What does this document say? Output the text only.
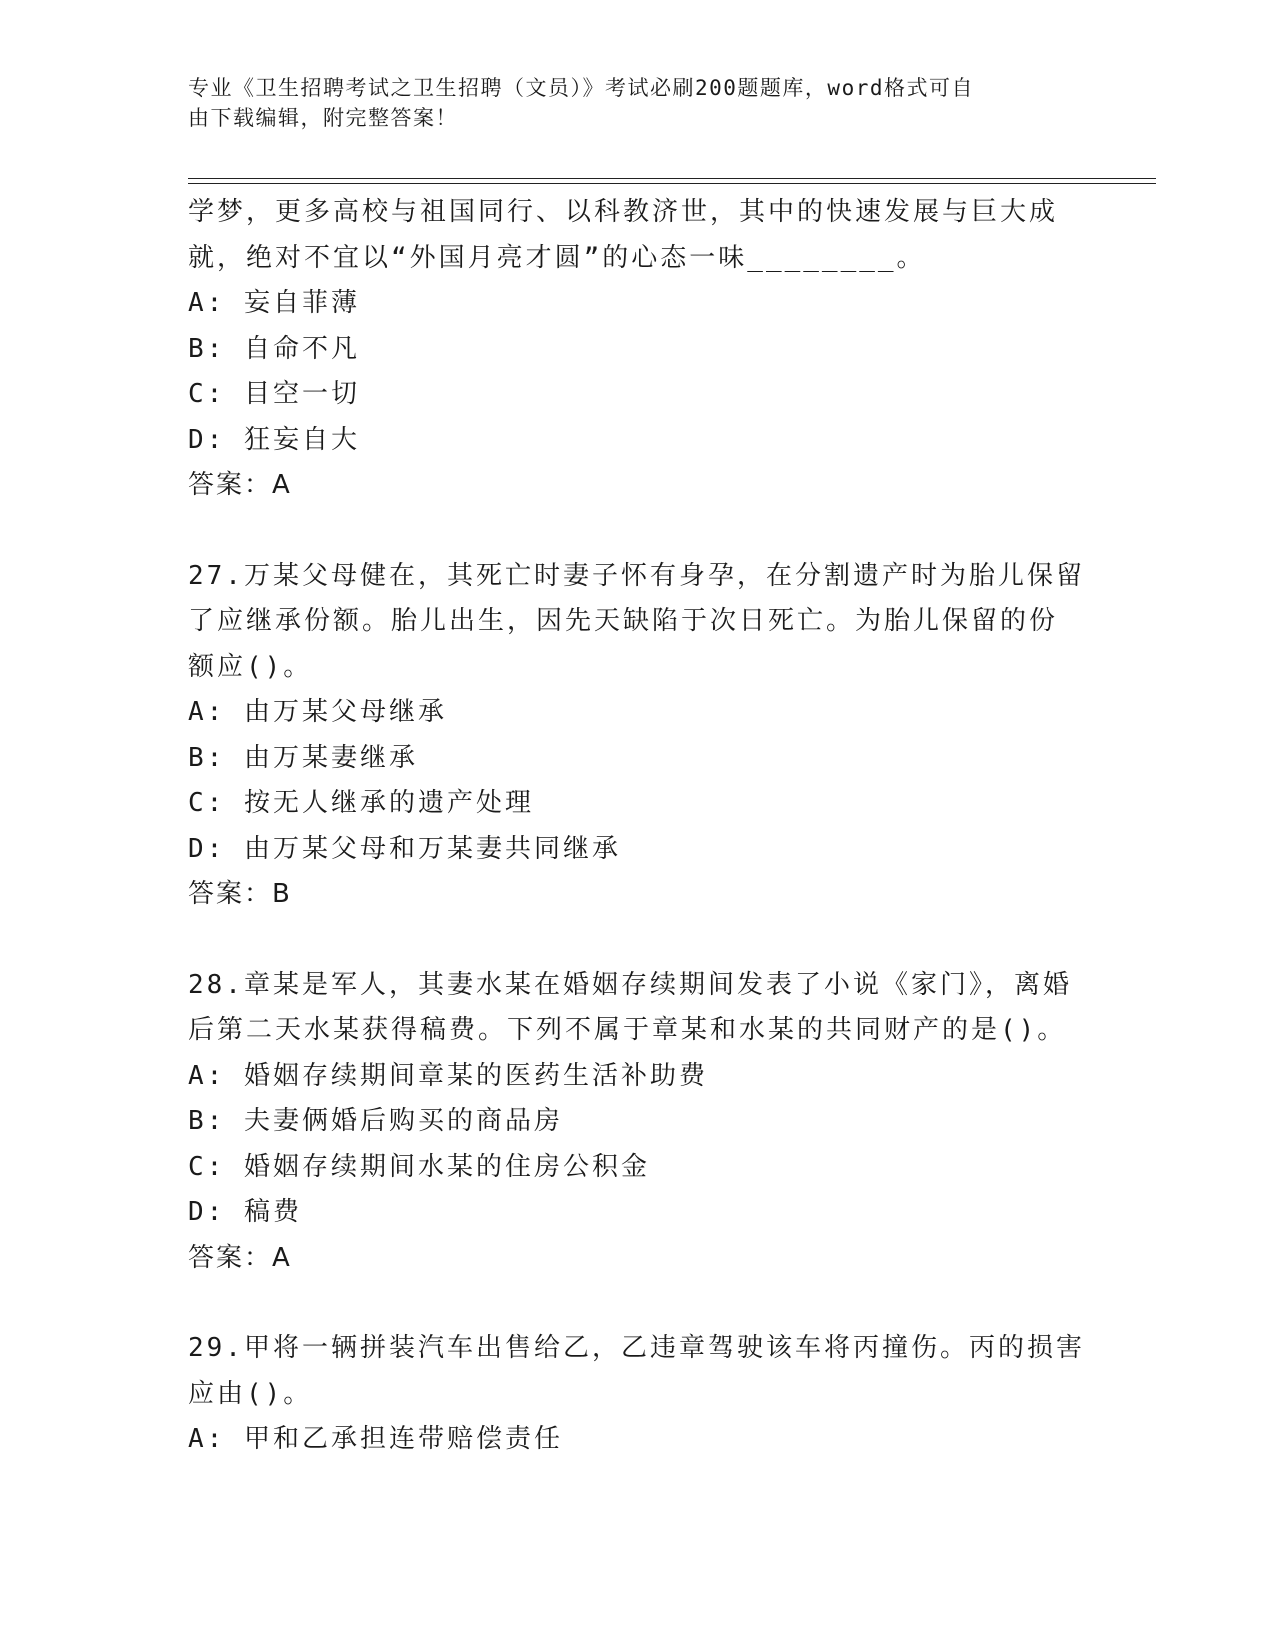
专业《卫生招聘考试之卫生招聘（文员）》考试必刷200题题库，word格式可自
由下载编辑，附完整答案！
学梦，更多高校与祖国同行、以科教济世，其中的快速发展与巨大成
就，绝对不宜以“外国月亮才圆”的心态一味________。
A: 妄自菲薄
B: 自命不凡
C: 目空一切
D: 狂妄自大
答案：A
27.万某父母健在，其死亡时妻子怀有身孕，在分割遗产时为胎儿保留
了应继承份额。胎儿出生，因先天缺陷于次日死亡。为胎儿保留的份
额应()。
A: 由万某父母继承
B: 由万某妻继承
C: 按无人继承的遗产处理
D: 由万某父母和万某妻共同继承
答案：B
28.章某是军人，其妻水某在婚姻存续期间发表了小说《家门》，离婚
后第二天水某获得稿费。下列不属于章某和水某的共同财产的是()。
A: 婚姻存续期间章某的医药生活补助费
B: 夫妻俩婚后购买的商品房
C: 婚姻存续期间水某的住房公积金
D: 稿费
答案：A
29.甲将一辆拼装汽车出售给乙，乙违章驾驶该车将丙撞伤。丙的损害
应由()。
A: 甲和乙承担连带赔偿责任
